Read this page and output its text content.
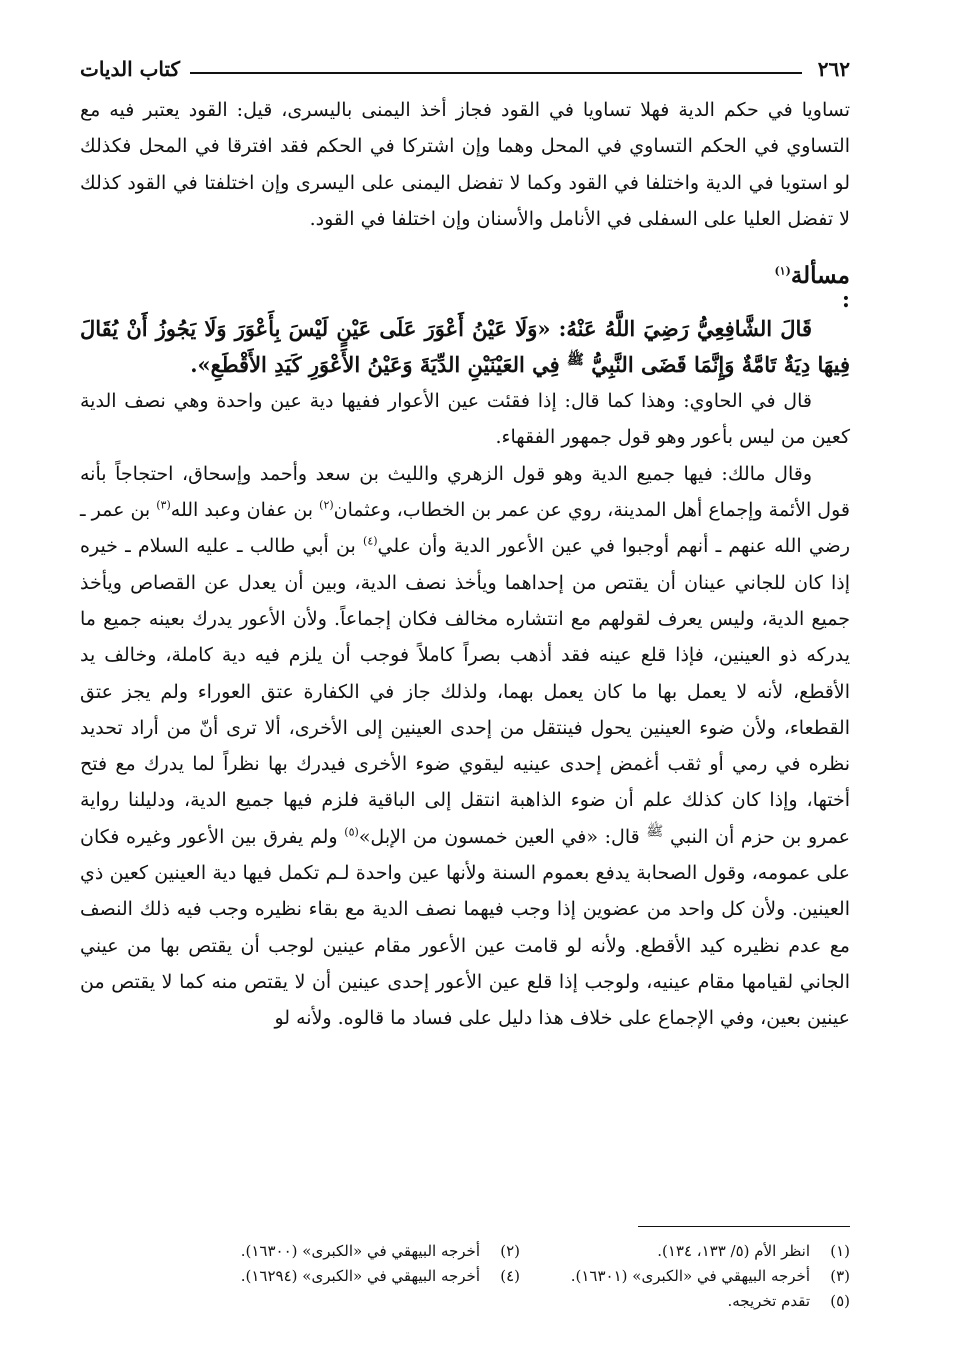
٢٦٢
كتاب الديات

تساويا في حكم الدية فهلا تساويا في القود فجاز أخذ اليمنى باليسرى، قيل: القود يعتبر فيه مع التساوي في الحكم التساوي في المحل وهما وإن اشتركا في الحكم فقد افترقا في المحل فكذلك لو استويا في الدية واختلفا في القود وكما لا تفضل اليمنى على اليسرى وإن اختلفتا في القود كذلك لا تفضل العليا على السفلى في الأنامل والأسنان وإن اختلفا في القود.

مسألة$^{(١)}$
:

قَالَ الشَّافِعِيُّ رَضِيَ اللَّهُ عَنْهُ: «وَلَا عَيْنُ أَعْوَرَ عَلَى عَيْنٍ لَيْسَ بِأَعْوَرَ وَلَا يَجُوزُ أَنْ يُقَالَ فِيهَا دِيَةٌ تَامَّةٌ وَإِنَّمَا قَضَى النَّبِيُّ $^ﷺ$ فِي العَيْنَيْنِ الدِّيَةَ وَعَيْنُ الأَعْوَرِ كَيَدِ الأَقْطَعِ».

قال في الحاوي: وهذا كما قال: إذا فقئت عين الأعوار ففيها دية عين واحدة وهي نصف الدية كعين من ليس بأعور وهو قول جمهور الفقهاء.

وقال مالك: فيها جميع الدية وهو قول الزهري والليث بن سعد وأحمد وإسحاق، احتجاجاً بأنه قول الأئمة وإجماع أهل المدينة، روي عن عمر بن الخطاب، وعثمان$^{(٢)}$ بن عفان وعبد الله$^{(٣)}$ بن عمر ـ رضي الله عنهم ـ أنهم أوجبوا في عين الأعور الدية وأن علي$^{(٤)}$ بن أبي طالب ـ عليه السلام ـ خيره إذا كان للجاني عينان أن يقتص من إحداهما ويأخذ نصف الدية، وبين أن يعدل عن القصاص ويأخذ جميع الدية، وليس يعرف لقولهم مع انتشاره مخالف فكان إجماعاً. ولأن الأعور يدرك بعينه جميع ما يدركه ذو العينين، فإذا قلع عينه فقد أذهب بصراً كاملاً فوجب أن يلزم فيه دية كاملة، وخالف يد الأقطع، لأنه لا يعمل بها ما كان يعمل بهما، ولذلك جاز في الكفارة عتق العوراء ولم يجز عتق القطعاء، ولأن ضوء العينين يحول فينتقل من إحدى العينين إلى الأخرى، ألا ترى أنّ من أراد تحديد نظره في رمي أو ثقب أغمض إحدى عينيه ليقوي ضوء الأخرى فيدرك بها نظراً لما يدرك مع فتح أختها، وإذا كان كذلك علم أن ضوء الذاهبة انتقل إلى الباقية فلزم فيها جميع الدية، ودليلنا رواية عمرو بن حزم أن النبي $^ﷺ$ قال: «في العين خمسون من الإبل»$^{(٥)}$ ولم يفرق بين الأعور وغيره فكان على عمومه، وقول الصحابة يدفع بعموم السنة ولأنها عين واحدة لـم تكمل فيها دية العينين كعين ذي العينين. ولأن كل واحد من عضوين إذا وجب فيهما نصف الدية مع بقاء نظيره وجب فيه ذلك النصف مع عدم نظيره كيد الأقطع. ولأنه لو قامت عين الأعور مقام عينين لوجب أن يقتص بها من عيني الجاني لقيامها مقام عينيه، ولوجب إذا قلع عين الأعور إحدى عينين أن لا يقتص منه كما لا يقتص من عينين بعين، وفي الإجماع على خلاف هذا دليل على فساد ما قالوه. ولأنه لو

(١)
انظر الأم (٥/ ١٣٣، ١٣٤).
(٢)
أخرجه البيهقي في «الكبرى» (١٦٣٠٠).
(٣)
أخرجه البيهقي في «الكبرى» (١٦٣٠١).
(٤)
أخرجه البيهقي في «الكبرى» (١٦٢٩٤).
(٥)
تقدم تخريجه.
